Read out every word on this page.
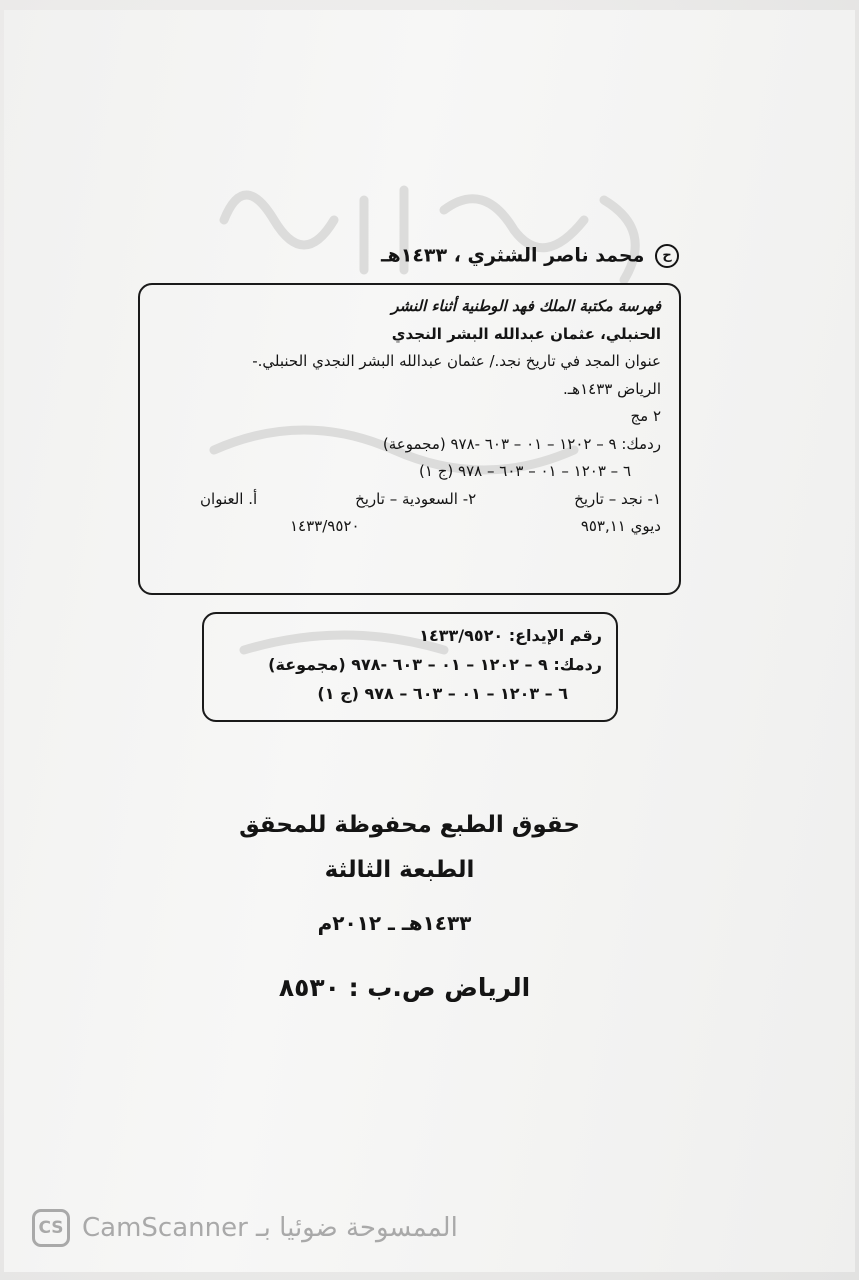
ح محمد ناصر الشثري ، ١٤٣٣هـ
فهرسة مكتبة الملك فهد الوطنية أثناء النشر
الحنبلي، عثمان عبدالله البشر النجدي
عنوان المجد في تاريخ نجد./ عثمان عبدالله البشر النجدي الحنبلي.-
الرياض ١٤٣٣هـ.
٢ مج
ردمك: ٩ – ١٢٠٢ – ٠١ – ٦٠٣ -٩٧٨ (مجموعة)
٦ – ١٢٠٣ – ٠١ – ٦٠٣ – ٩٧٨ (ج ١)
١- نجد – تاريخ
٢- السعودية – تاريخ
أ. العنوان
ديوي ٩٥٣,١١
١٤٣٣/٩٥٢٠
رقم الإيداع: ١٤٣٣/٩٥٢٠
ردمك: ٩ – ١٢٠٢ – ٠١ – ٦٠٣ -٩٧٨ (مجموعة)
٦ – ١٢٠٣ – ٠١ – ٦٠٣ – ٩٧٨ (ج ١)
حقوق الطبع محفوظة للمحقق
الطبعة الثالثة
١٤٣٣هـ ـ ٢٠١٢م
الرياض ص.ب : ٨٥٣٠
CS الممسوحة ضوئيا بـ CamScanner
